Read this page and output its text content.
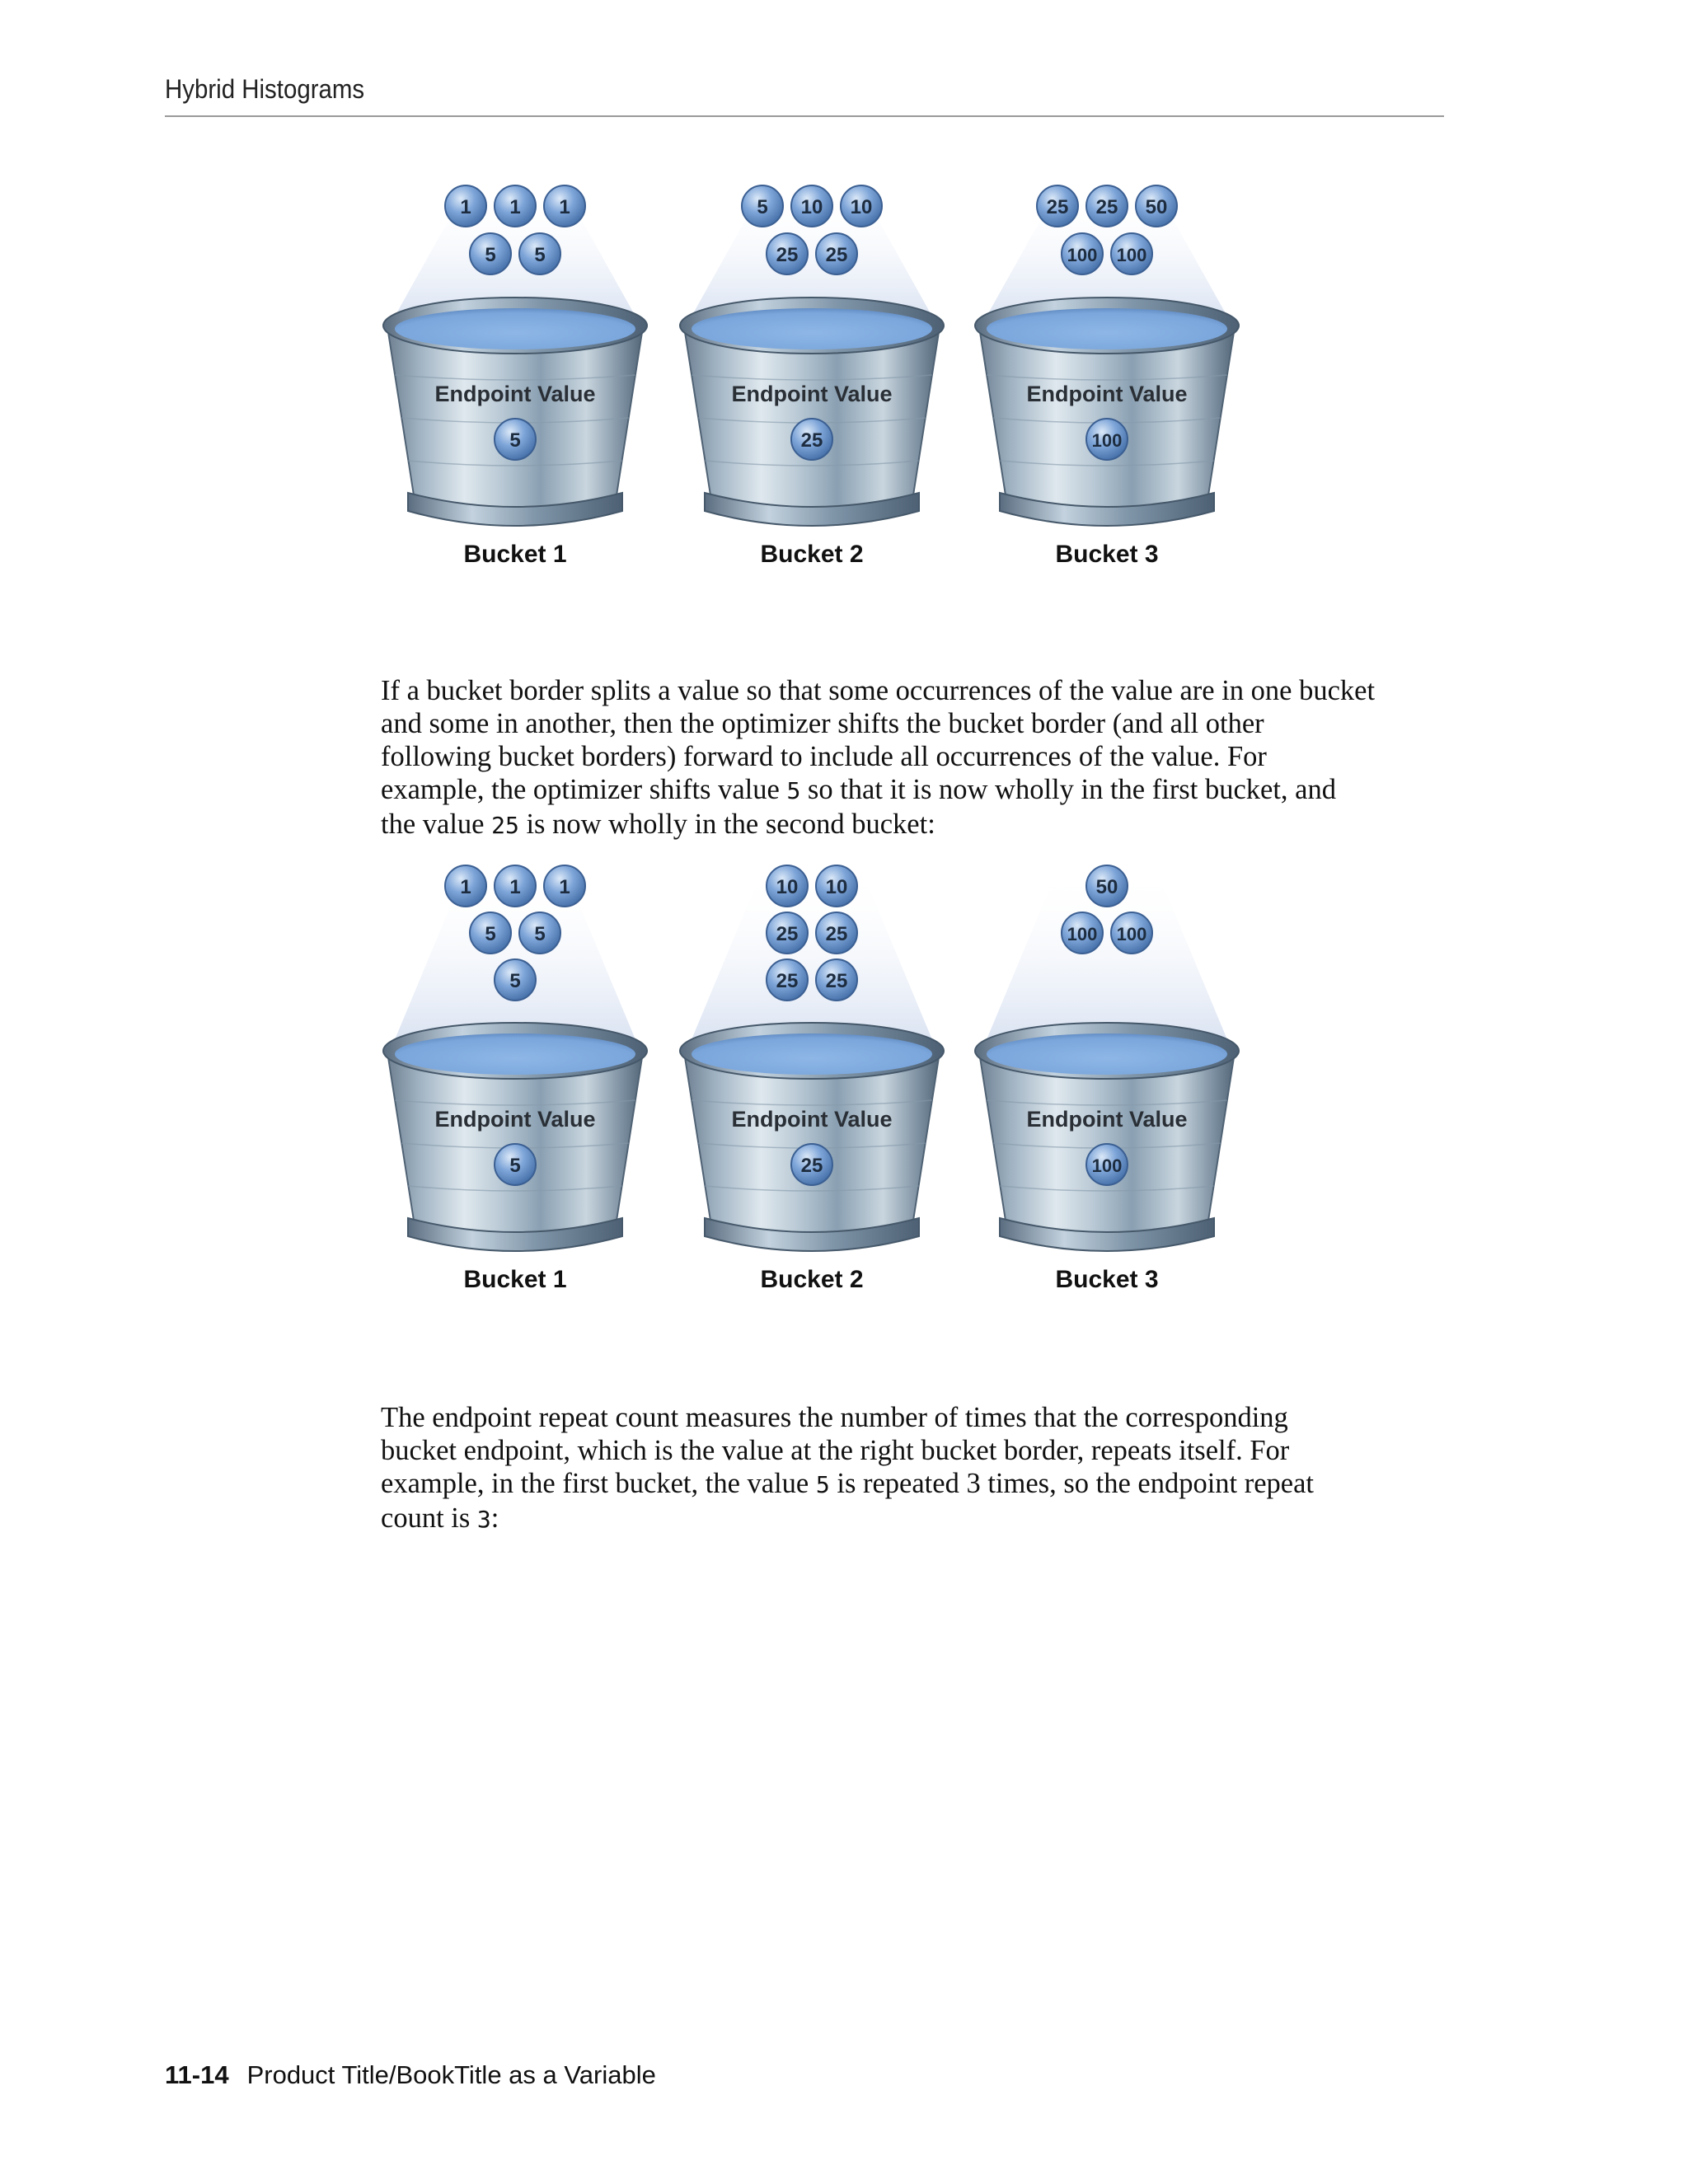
Hybrid Histograms
Endpoint Value
5
Bucket 1
1 1 1
5 5
Endpoint Value
25
Bucket 2
5 10 10
25 25
Endpoint Value
100
Bucket 3
25 25 50
100 100
If a bucket border splits a value so that some occurrences of the value are in one bucket
and some in another, then the optimizer shifts the bucket border (and all other
following bucket borders) forward to include all occurrences of the value. For
example, the optimizer shifts value 5 so that it is now wholly in the first bucket, and
the value 25 is now wholly in the second bucket:
Endpoint Value
5
Bucket 1
1 1 1
5 5
5
Endpoint Value
25
Bucket 2
10 10
25 25
25 25
Endpoint Value
100
Bucket 3
50
100 100
The endpoint repeat count measures the number of times that the corresponding
bucket endpoint, which is the value at the right bucket border, repeats itself. For
example, in the first bucket, the value 5 is repeated 3 times, so the endpoint repeat
count is 3:
11-14 Product Title/BookTitle as a Variable
